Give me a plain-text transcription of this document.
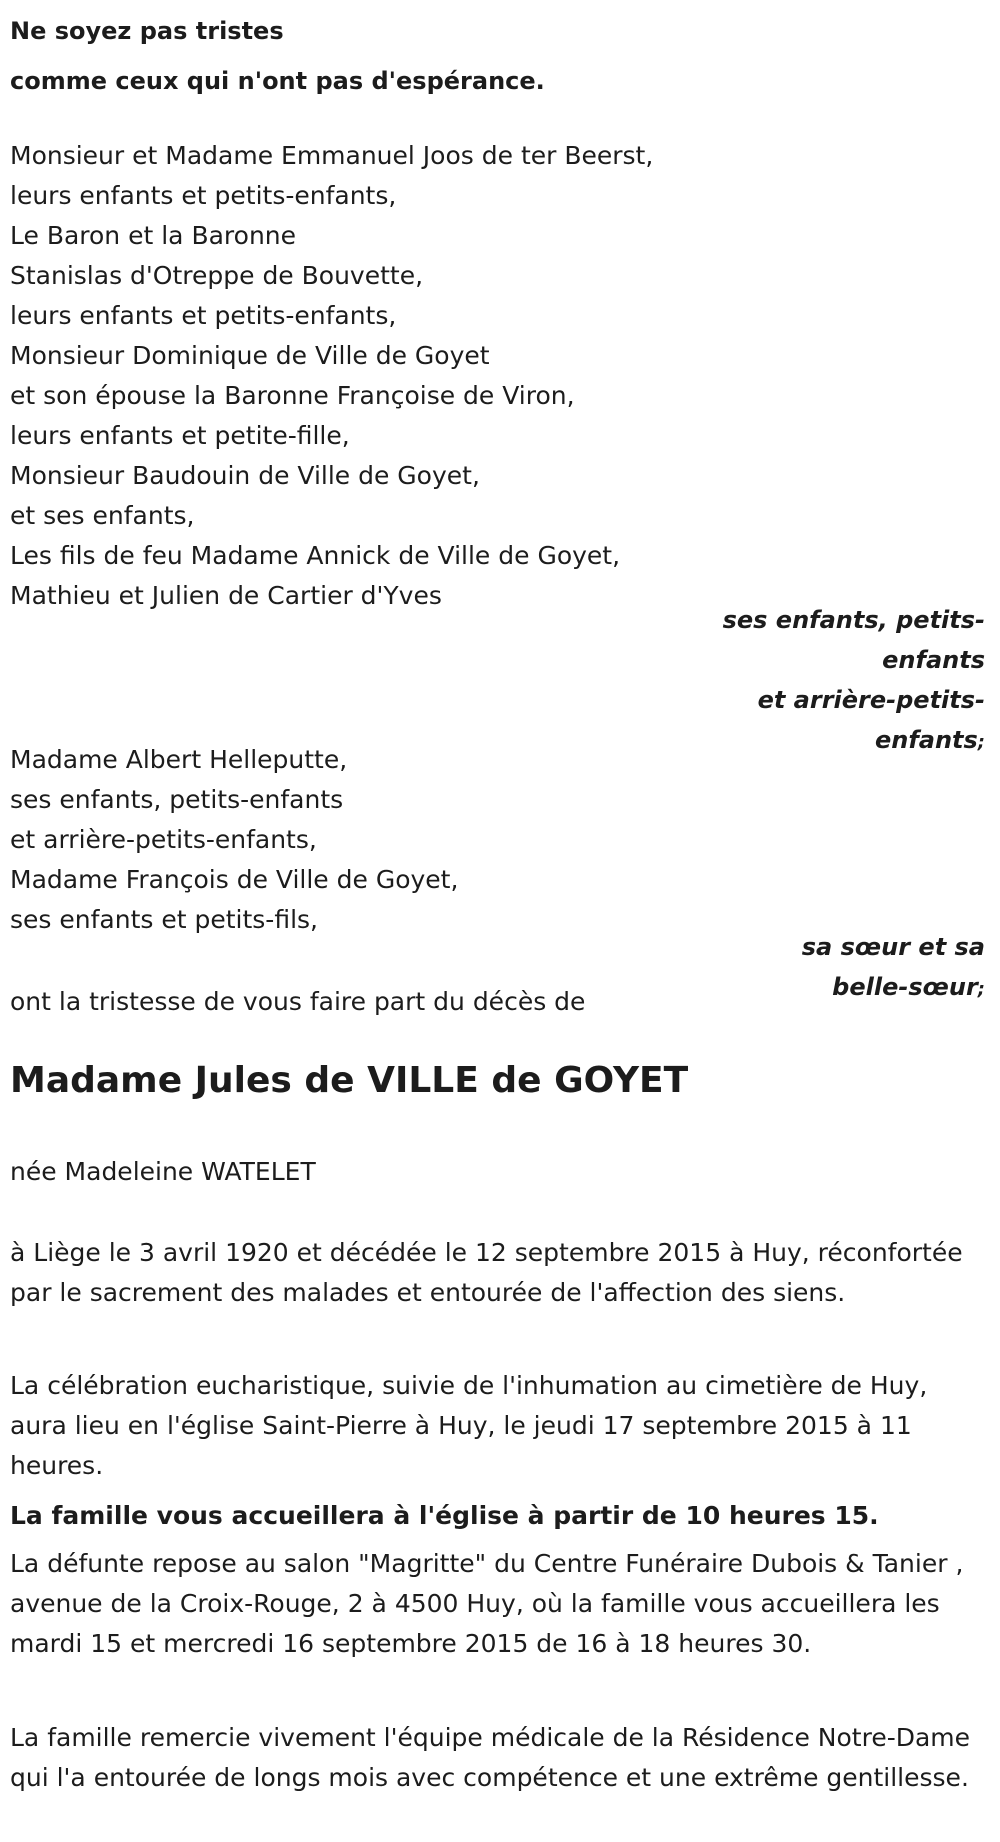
Ne soyez pas tristes
comme ceux qui n'ont pas d'espérance.
Monsieur et Madame Emmanuel Joos de ter Beerst,
leurs enfants et petits-enfants,
Le Baron et la Baronne
Stanislas d'Otreppe de Bouvette,
leurs enfants et petits-enfants,
Monsieur Dominique de Ville de Goyet
et son épouse la Baronne Françoise de Viron,
leurs enfants et petite-fille,
Monsieur Baudouin de Ville de Goyet,
et ses enfants,
Les fils de feu Madame Annick de Ville de Goyet,
Mathieu et Julien de Cartier d'Yves
ses enfants, petits-
enfants
et arrière-petits-
enfants;
Madame Albert Helleputte,
ses enfants, petits-enfants
et arrière-petits-enfants,
Madame François de Ville de Goyet,
ses enfants et petits-fils,
sa sœur et sa
belle-sœur;
ont la tristesse de vous faire part du décès de
Madame Jules de VILLE de GOYET
née Madeleine WATELET
à Liège le 3 avril 1920 et décédée le 12 septembre 2015 à Huy, réconfortée par le sacrement des malades et entourée de l'affection des siens.
La célébration eucharistique, suivie de l'inhumation au cimetière de Huy, aura lieu en l'église Saint-Pierre à Huy, le jeudi 17 septembre 2015 à 11 heures.
La famille vous accueillera à l'église à partir de 10 heures 15.
La défunte repose au salon "Magritte" du Centre Funéraire Dubois & Tanier , avenue de la Croix-Rouge, 2 à 4500 Huy, où la famille vous accueillera les mardi 15 et mercredi 16 septembre 2015 de 16 à 18 heures 30.
La famille remercie vivement l'équipe médicale de la Résidence Notre-Dame qui l'a entourée de longs mois avec compétence et une extrême gentillesse.
